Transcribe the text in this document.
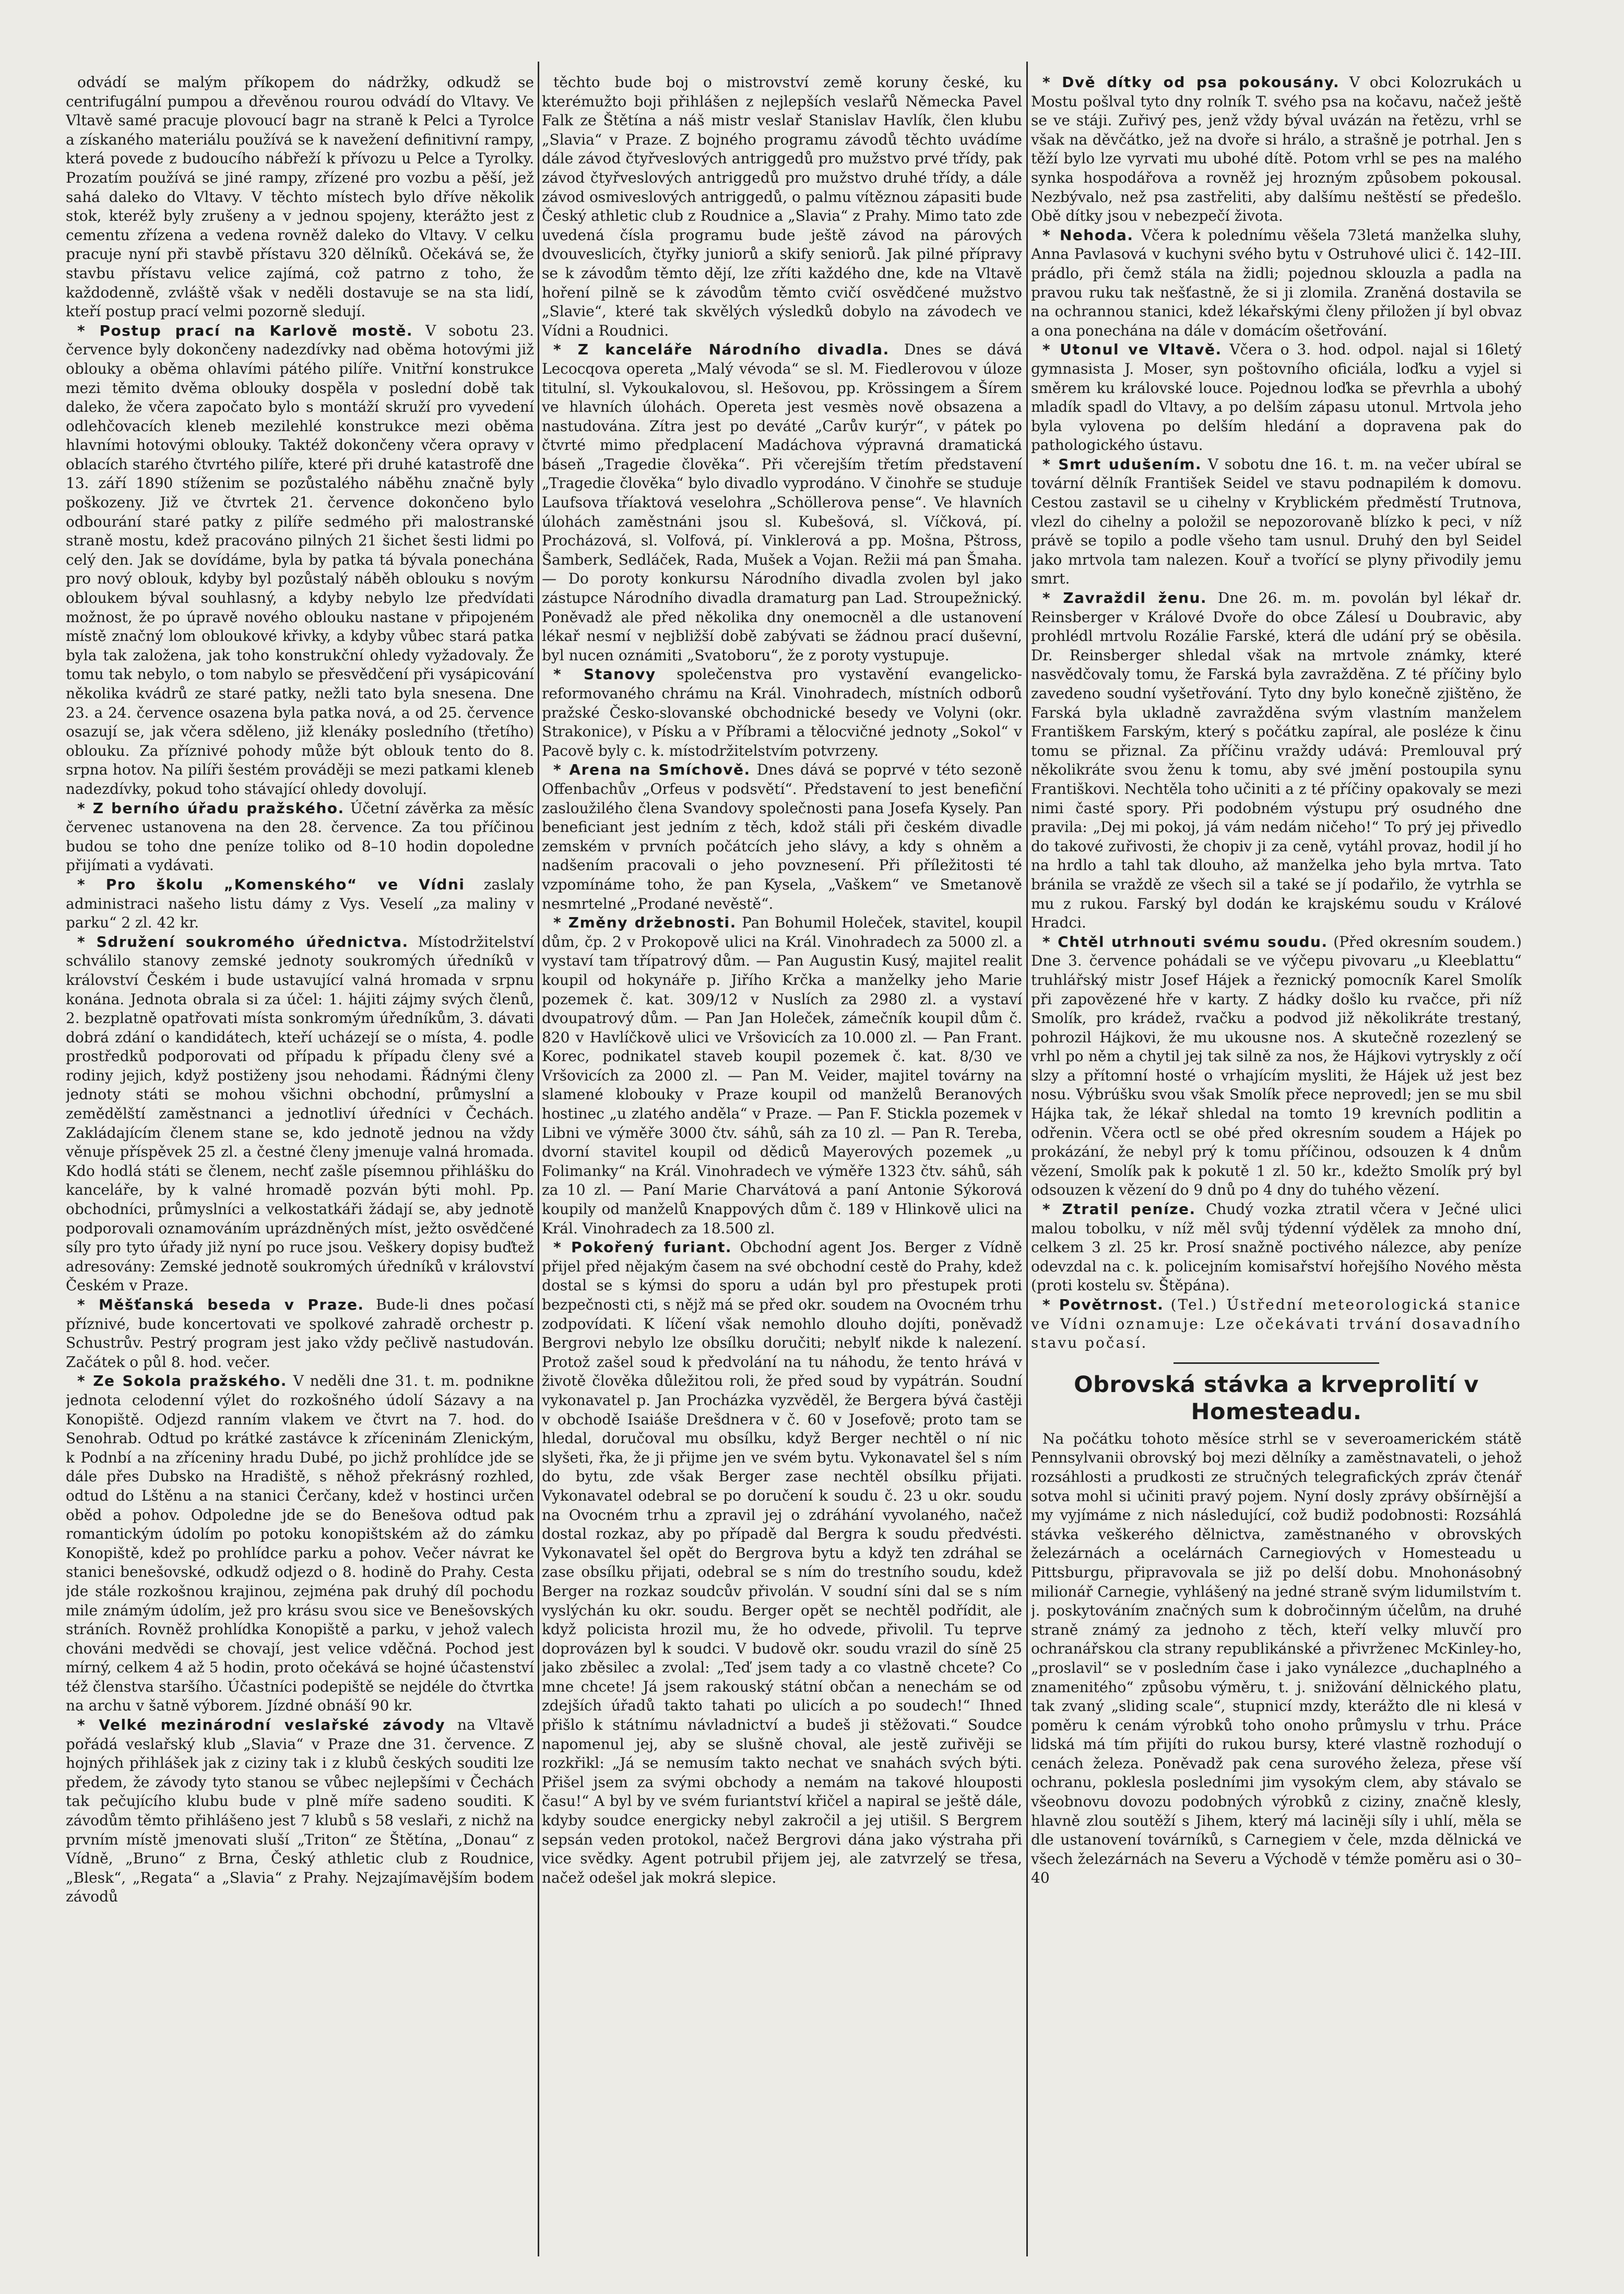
odvádí se malým příkopem do nádržky, odkudž se centrifugální pumpou a dřevěnou rourou odvádí do Vltavy. Ve Vltavě samé pracuje plovoucí bagr na straně k Pelci a Tyrolce a získaného materiálu používá se k navežení definitivní rampy, která povede z budoucího nábřeží k přívozu u Pelce a Tyrolky. Prozatím používá se jiné rampy, zřízené pro vozbu a pěší, jež sahá daleko do Vltavy. V těchto místech bylo dříve několik stok, kteréž byly zrušeny a v jednou spojeny, kterážto jest z cementu zřízena a vedena rovněž daleko do Vltavy. V celku pracuje nyní při stavbě přístavu 320 dělníků. Očekává se, že stavbu přístavu velice zajímá, což patrno z toho, že každodenně, zvláště však v neděli dostavuje se na sta lidí, kteří postup prací velmi pozorně sledují.

* Postup prací na Karlově mostě. V sobotu 23. července byly dokončeny nadezdívky nad oběma hotovými již oblouky a oběma ohlavími pátého pilíře. Vnitřní konstrukce mezi těmito dvěma oblouky dospěla v poslední době tak daleko, že včera započato bylo s montáží skruží pro vyvedení odlehčovacích kleneb mezilehlé konstrukce mezi oběma hlavními hotovými oblouky. Taktéž dokončeny včera opravy v oblacích starého čtvrtého pilíře, které při druhé katastrofě dne 13. září 1890 stíženim se pozůstalého náběhu značně byly poškozeny. Již ve čtvrtek 21. července dokončeno bylo odbourání staré patky z pilíře sedmého při malostranské straně mostu, kdež pracováno pilných 21 šichet šesti lidmi po celý den. Jak se dovídáme, byla by patka tá bývala ponechána pro nový oblouk, kdyby byl pozůstalý náběh oblouku s novým obloukem býval souhlasný, a kdyby nebylo lze předvídati možnost, že po úpravě nového oblouku nastane v připojeném místě značný lom obloukové křivky, a kdyby vůbec stará patka byla tak založena, jak toho konstrukční ohledy vyžadovaly. Že tomu tak nebylo, o tom nabylo se přesvědčení při vysápicování několika kvádrů ze staré patky, nežli tato byla snesena. Dne 23. a 24. července osazena byla patka nová, a od 25. července osazují se, jak včera sděleno, již klenáky posledního (třetího) oblouku. Za příznivé pohody může být oblouk tento do 8. srpna hotov. Na pilíři šestém prováději se mezi patkami kleneb nadezdívky, pokud toho stávající ohledy dovolují.

* Z berního úřadu pražského. Účetní závěrka za měsíc červenec ustanovena na den 28. července. Za tou příčinou budou se toho dne peníze toliko od 8–10 hodin dopoledne přijímati a vydávati.

* Pro školu „Komenského“ ve Vídni zaslaly administraci našeho listu dámy z Vys. Veselí „za maliny v parku“ 2 zl. 42 kr.

* Sdružení soukromého úřednictva. Místodržitelství schválilo stanovy zemské jednoty soukromých úředníků v království Českém i bude ustavující valná hromada v srpnu konána. Jednota obrala si za účel: 1. hájiti zájmy svých členů, 2. bezplatně opatřovati místa sonkromým úředníkům, 3. dávati dobrá zdání o kandidátech, kteří ucházejí se o místa, 4. podle prostředků podporovati od případu k případu členy své a rodiny jejich, když postiženy jsou nehodami. Řádnými členy jednoty státi se mohou všichni obchodní, průmyslní a zemědělští zaměstnanci a jednotliví úředníci v Čechách. Zakládajícím členem stane se, kdo jednotě jednou na vždy věnuje příspěvek 25 zl. a čestné členy jmenuje valná hromada. Kdo hodlá státi se členem, nechť zašle písemnou přihlášku do kanceláře, by k valné hromadě pozván býti mohl. Pp. obchodníci, průmyslníci a velkostatkáři žádají se, aby jednotě podporovali oznamováním uprázdněných míst, ježto osvědčené síly pro tyto úřady již nyní po ruce jsou. Veškery dopisy buďtež adresovány: Zemské jednotě soukromých úředníků v království Českém v Praze.

* Měšťanská beseda v Praze. Bude-li dnes počasí příznivé, bude koncertovati ve spolkové zahradě orchestr p. Schustrův. Pestrý program jest jako vždy pečlivě nastudován. Začátek o půl 8. hod. večer.

* Ze Sokola pražského. V neděli dne 31. t. m. podnikne jednota celodenní výlet do rozkošného údolí Sázavy a na Konopiště. Odjezd ranním vlakem ve čtvrt na 7. hod. do Senohrab. Odtud po krátké zastávce k zříceninám Zlenickým, k Podnbí a na zříceniny hradu Dubé, po jichž prohlídce jde se dále přes Dubsko na Hradiště, s něhož překrásný rozhled, odtud do Lštěnu a na stanici Čerčany, kdež v hostinci určen oběd a pohov. Odpoledne jde se do Benešova odtud pak romantickým údolím po potoku konopištském až do zámku Konopiště, kdež po prohlídce parku a pohov. Večer návrat ke stanici benešovské, odkudž odjezd o 8. hodině do Prahy. Cesta jde stále rozkošnou krajinou, zejména pak druhý díl pochodu mile známým údolím, jež pro krásu svou sice ve Benešovských stráních. Rovněž prohlídka Konopiště a parku, v jehož valech chováni medvědi se chovají, jest velice vděčná. Pochod jest mírný, celkem 4 až 5 hodin, proto očekává se hojné účastenství též členstva staršího. Účastníci podepiště se nejdéle do čtvrtka na archu v šatně výborem. Jízdné obnáší 90 kr.

* Velké mezinárodní veslařské závody na Vltavě pořádá veslařský klub „Slavia“ v Praze dne 31. července. Z hojných přihlášek jak z ciziny tak i z klubů českých souditi lze předem, že závody tyto stanou se vůbec nejlepšími v Čechách tak pečujícího klubu bude v plně míře sadeno souditi. K závodům těmto přihlášeno jest 7 klubů s 58 veslaři, z nichž na prvním místě jmenovati sluší „Triton“ ze Štětína, „Donau“ z Vídně, „Bruno“ z Brna, Český athletic club z Roudnice, „Blesk“, „Regata“ a „Slavia“ z Prahy. Nejzajímavějším bodem závodů

těchto bude boj o mistrovství země koruny české, ku kterémužto boji přihlášen z nejlepších veslařů Německa Pavel Falk ze Štětína a náš mistr veslař Stanislav Havlík, člen klubu „Slavia“ v Praze. Z bojného programu závodů těchto uvádíme dále závod čtyřveslových antriggedů pro mužstvo prvé třídy, pak závod čtyřveslových antriggedů pro mužstvo druhé třídy, a dále závod osmiveslových antriggedů, o palmu vítěznou zápasiti bude Český athletic club z Roudnice a „Slavia“ z Prahy. Mimo tato zde uvedená čísla programu bude ještě závod na párových dvouveslicích, čtyřky juniorů a skify seniorů. Jak pilné přípravy se k závodům těmto dějí, lze zříti každého dne, kde na Vltavě hoření pilně se k závodům těmto cvičí osvědčené mužstvo „Slavie“, které tak skvělých výsledků dobylo na závodech ve Vídni a Roudnici.

* Z kanceláře Národního divadla. Dnes se dává Lecocqova opereta „Malý vévoda“ se sl. M. Fiedlerovou v úloze titulní, sl. Vykoukalovou, sl. Hešovou, pp. Krössingem a Šírem ve hlavních úlohách. Opereta jest vesmès nově obsazena a nastudována. Zítra jest po deváté „Carův kurýr“, v pátek po čtvrté mimo předplacení Madáchova výpravná dramatická báseň „Tragedie člověka“. Při včerejším třetím představení „Tragedie člověka“ bylo divadlo vyprodáno. V činohře se studuje Laufsova tříaktová veselohra „Schöllerova pense“. Ve hlavních úlohách zaměstnáni jsou sl. Kubešová, sl. Víčková, pí. Procházová, sl. Volfová, pí. Vinklerová a pp. Mošna, Pštross, Šamberk, Sedláček, Rada, Mušek a Vojan. Režii má pan Šmaha. — Do poroty konkursu Národního divadla zvolen byl jako zástupce Národního divadla dramaturg pan Lad. Stroupežnický. Poněvadž ale před několika dny onemocněl a dle ustanovení lékař nesmí v nejbližší době zabývati se žádnou prací duševní, byl nucen oznámiti „Svatoboru“, že z poroty vystupuje.

* Stanovy společenstva pro vystavění evangelicko-reformovaného chrámu na Král. Vinohradech, místních odborů pražské Česko-slovanské obchodnické besedy ve Volyni (okr. Strakonice), v Písku a v Příbrami a tělocvičné jednoty „Sokol“ v Pacově byly c. k. místodržitelstvím potvrzeny.

* Arena na Smíchově. Dnes dává se poprvé v této sezoně Offenbachův „Orfeus v podsvětí“. Představení to jest benefiční zasloužilého člena Svandovy společnosti pana Josefa Kysely. Pan beneficiant jest jedním z těch, kdož stáli při českém divadle zemském v prvních počátcích jeho slávy, a kdy s ohněm a nadšením pracovali o jeho povznesení. Při příležitosti té vzpomínáme toho, že pan Kysela, „Vaškem“ ve Smetanově nesmrtelné „Prodané nevěstě“.

* Změny držebnosti. Pan Bohumil Holeček, stavitel, koupil dům, čp. 2 v Prokopově ulici na Král. Vinohradech za 5000 zl. a vystaví tam třípatrový dům. — Pan Augustin Kusý, majitel realit koupil od hokynáře p. Jiřího Krčka a manželky jeho Marie pozemek č. kat. 309/12 v Nuslích za 2980 zl. a vystaví dvoupatrový dům. — Pan Jan Holeček, zámečník koupil dům č. 820 v Havlíčkově ulici ve Vršovicích za 10.000 zl. — Pan Frant. Korec, podnikatel staveb koupil pozemek č. kat. 8/30 ve Vršovicích za 2000 zl. — Pan M. Veider, majitel továrny na slamené klobouky v Praze koupil od manželů Beranových hostinec „u zlatého anděla“ v Praze. — Pan F. Stickla pozemek v Libni ve výměře 3000 čtv. sáhů, sáh za 10 zl. — Pan R. Tereba, dvorní stavitel koupil od dědiců Mayerových pozemek „u Folimanky“ na Král. Vinohradech ve výměře 1323 čtv. sáhů, sáh za 10 zl. — Paní Marie Charvátová a paní Antonie Sýkorová koupily od manželů Knappových dům č. 189 v Hlinkově ulici na Král. Vinohradech za 18.500 zl.

* Pokořený furiant. Obchodní agent Jos. Berger z Vídně přijel před nějakým časem na své obchodní cestě do Prahy, kdež dostal se s kýmsi do sporu a udán byl pro přestupek proti bezpečnosti cti, s nějž má se před okr. soudem na Ovocném trhu zodpovídati. K líčení však nemohlo dlouho dojíti, poněvadž Bergrovi nebylo lze obsílku doručiti; nebylť nikde k nalezení. Protož zašel soud k předvolání na tu náhodu, že tento hrává v životě člověka důležitou roli, že před soud by vypátrán. Soudní vykonavatel p. Jan Procházka vyzvěděl, že Bergera bývá častěji v obchodě Isaiáše Drešdnera v č. 60 v Josefově; proto tam se hledal, doručoval mu obsílku, když Berger nechtěl o ní nic slyšeti, řka, že ji přijme jen ve svém bytu. Vykonavatel šel s ním do bytu, zde však Berger zase nechtěl obsílku přijati. Vykonavatel odebral se po doručení k soudu č. 23 u okr. soudu na Ovocném trhu a zpravil jej o zdráhání vyvolaného, načež dostal rozkaz, aby po případě dal Bergra k soudu předvésti. Vykonavatel šel opět do Bergrova bytu a když ten zdráhal se zase obsílku přijati, odebral se s ním do trestního soudu, kdež Berger na rozkaz soudcův přivolán. V soudní síni dal se s ním vyslýchán ku okr. soudu. Berger opět se nechtěl podřídit, ale když policista hrozil mu, že ho odvede, přivolil. Tu teprve doprovázen byl k soudci. V budově okr. soudu vrazil do síně 25 jako zběsilec a zvolal: „Teď jsem tady a co vlastně chcete? Co mne chcete! Já jsem rakouský státní občan a nenechám se od zdejších úřadů takto tahati po ulicích a po soudech!“ Ihned přišlo k státnímu návladnictví a budeš ji stěžovati.“ Soudce napomenul jej, aby se slušně choval, ale jestě zuřivěji se rozkřikl: „Já se nemusím takto nechat ve snahách svých býti. Přišel jsem za svými obchody a nemám na takové hlouposti času!“ A byl by ve svém furiantství křičel a napiral se ještě dále, kdyby soudce energicky nebyl zakročil a jej utišil. S Bergrem sepsán veden protokol, načež Bergrovi dána jako výstraha při vice svědky. Agent potrubil přijem jej, ale zatvrzelý se třesa, načež odešel jak mokrá slepice.

* Dvě dítky od psa pokousány. V obci Kolozrukách u Mostu pošlval tyto dny rolník T. svého psa na kočavu, načež ještě se ve stáji. Zuřivý pes, jenž vždy býval uvázán na řetězu, vrhl se však na děvčátko, jež na dvoře si hrálo, a strašně je potrhal. Jen s těží bylo lze vyrvati mu ubohé dítě. Potom vrhl se pes na malého synka hospodářova a rovněž jej hrozným způsobem pokousal. Nezbývalo, než psa zastřeliti, aby dalšímu neštěstí se předešlo. Obě dítky jsou v nebezpečí života.

* Nehoda. Včera k polednímu věšela 73letá manželka sluhy, Anna Pavlasová v kuchyni svého bytu v Ostruhové ulici č. 142–III. prádlo, při čemž stála na židli; pojednou sklouzla a padla na pravou ruku tak nešťastně, že si ji zlomila. Zraněná dostavila se na ochrannou stanici, kdež lékařskými členy přiložen jí byl obvaz a ona ponechána na dále v domácím ošetřování.

* Utonul ve Vltavě. Včera o 3. hod. odpol. najal si 16letý gymnasista J. Moser, syn poštovního oficiála, loďku a vyjel si směrem ku královské louce. Pojednou loďka se převrhla a ubohý mladík spadl do Vltavy, a po delším zápasu utonul. Mrtvola jeho byla vylovena po delším hledání a dopravena pak do pathologického ústavu.

* Smrt udušením. V sobotu dne 16. t. m. na večer ubíral se tovární dělník František Seidel ve stavu podnapilém k domovu. Cestou zastavil se u cihelny v Kryblickém předměstí Trutnova, vlezl do cihelny a položil se nepozorovaně blízko k peci, v níž právě se topilo a podle všeho tam usnul. Druhý den byl Seidel jako mrtvola tam nalezen. Kouř a tvořící se plyny přivodily jemu smrt.

* Zavraždil ženu. Dne 26. m. m. povolán byl lékař dr. Reinsberger v Králové Dvoře do obce Zálesí u Doubravic, aby prohlédl mrtvolu Rozálie Farské, která dle udání prý se oběsila. Dr. Reinsberger shledal však na mrtvole známky, které nasvědčovaly tomu, že Farská byla zavražděna. Z té příčiny bylo zavedeno soudní vyšetřování. Tyto dny bylo konečně zjištěno, že Farská byla ukladně zavražděna svým vlastním manželem Františkem Farským, který s počátku zapíral, ale posléze k činu tomu se přiznal. Za příčinu vraždy udává: Premlouval prý několikráte svou ženu k tomu, aby své jmění postoupila synu Františkovi. Nechtěla toho učiniti a z té příčiny opakovaly se mezi nimi časté spory. Při podobném výstupu prý osudného dne pravila: „Dej mi pokoj, já vám nedám ničeho!“ To prý jej přivedlo do takové zuřivosti, že chopiv ji za ceně, vytáhl provaz, hodil jí ho na hrdlo a tahl tak dlouho, až manželka jeho byla mrtva. Tato bránila se vraždě ze všech sil a také se jí podařilo, že vytrhla se mu z rukou. Farský byl dodán ke krajskému soudu v Králové Hradci.

* Chtěl utrhnouti svému soudu. (Před okresním soudem.) Dne 3. července pohádali se ve výčepu pivovaru „u Kleeblattu“ truhlářský mistr Josef Hájek a řeznický pomocník Karel Smolík při zapovězené hře v karty. Z hádky došlo ku rvačce, při níž Smolík, pro krádež, rvačku a podvod již několikráte trestaný, pohrozil Hájkovi, že mu ukousne nos. A skutečně rozezlený se vrhl po něm a chytil jej tak silně za nos, že Hájkovi vytryskly z očí slzy a přítomní hosté o vrhajícím mysliti, že Hájek už jest bez nosu. Výbrúšku svou však Smolík přece neprovedl; jen se mu sbil Hájka tak, že lékař shledal na tomto 19 krevních podlitin a odřenin. Včera octl se obé před okresním soudem a Hájek po prokázání, že nebyl prý k tomu příčinou, odsouzen k 4 dnům vězení, Smolík pak k pokutě 1 zl. 50 kr., kdežto Smolík prý byl odsouzen k vězení do 9 dnů po 4 dny do tuhého vězení.

* Ztratil peníze. Chudý vozka ztratil včera v Ječné ulici malou tobolku, v níž měl svůj týdenní výdělek za mnoho dní, celkem 3 zl. 25 kr. Prosí snažně poctivého nálezce, aby peníze odevzdal na c. k. policejním komisařství hořejšího Nového města (proti kostelu sv. Štěpána).

* Povětrnost. (Tel.) Ústřední meteorologická stanice ve Vídni oznamuje: Lze očekávati trvání dosavadního stavu počasí.

Obrovská stávka a krveprolití v Homesteadu.

Na počátku tohoto měsíce strhl se v severoamerickém státě Pennsylvanii obrovský boj mezi dělníky a zaměstnavateli, o jehož rozsáhlosti a prudkosti ze stručných telegrafických zpráv čtenář sotva mohl si učiniti pravý pojem. Nyní dosly zprávy obšírnější a my vyjímáme z nich následující, což budiž podobnosti: Rozsáhlá stávka veškerého dělnictva, zaměstnaného v obrovských železárnách a ocelárnách Carnegiových v Homesteadu u Pittsburgu, připravovala se již po delší dobu. Mnohonásobný milionář Carnegie, vyhlášený na jedné straně svým lidumilstvím t. j. poskytováním značných sum k dobročinným účelům, na druhé straně známý za jednoho z těch, kteří velky mluvčí pro ochranářskou cla strany republikánské a přivrženec McKinley-ho, „proslavil“ se v posledním čase i jako vynálezce „duchaplného a znamenitého“ způsobu výměru, t. j. snižování dělnického platu, tak zvaný „sliding scale“, stupnicí mzdy, kterážto dle ni klesá v poměru k cenám výrobků toho onoho průmyslu v trhu. Práce lidská má tím přijíti do rukou bursy, které vlastně rozhodují o cenách železa. Poněvadž pak cena surového železa, přese vší ochranu, poklesla posledními jim vysokým clem, aby stávalo se všeobnovu dovozu podobných výrobků z ciziny, značně klesly, hlavně zlou soutěží s Jihem, který má laciněji síly i uhlí, měla se dle ustanovení továrníků, s Carnegiem v čele, mzda dělnická ve všech železárnách na Severu a Východě v témže poměru asi o 30–40
